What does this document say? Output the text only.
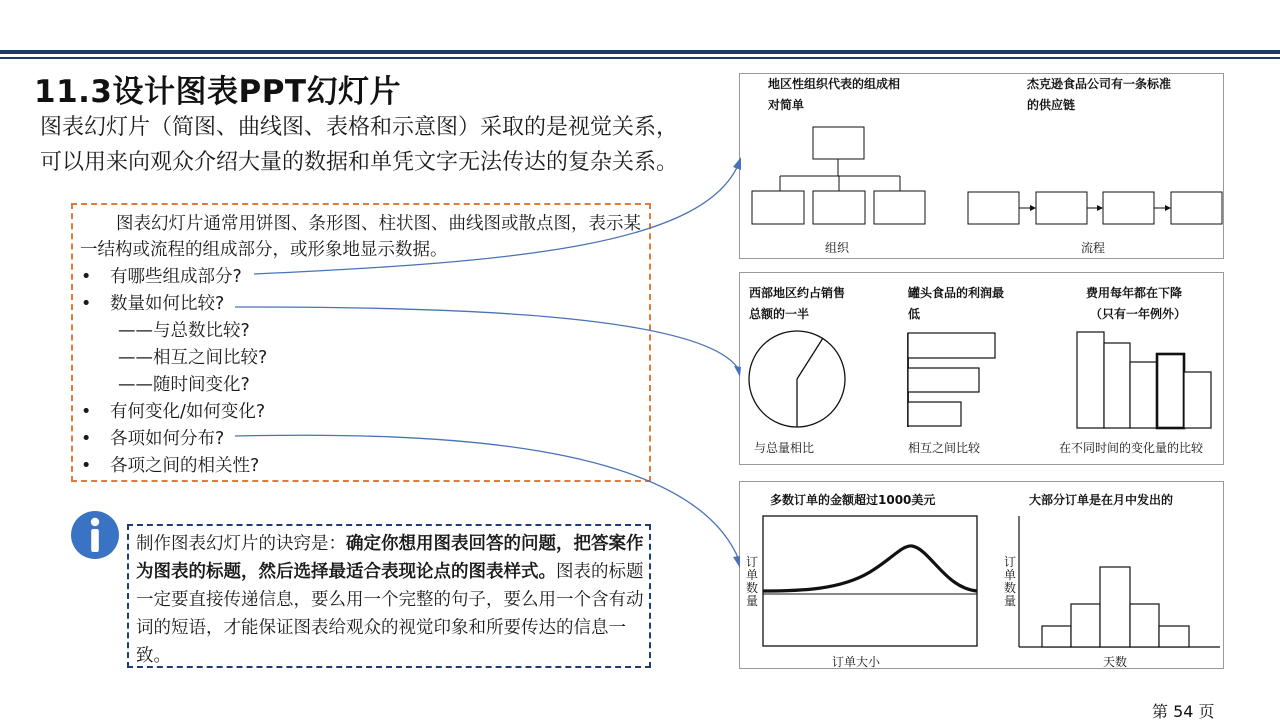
11.3设计图表PPT幻灯片
图表幻灯片（简图、曲线图、表格和示意图）采取的是视觉关系，
可以用来向观众介绍大量的数据和单凭文字无法传达的复杂关系。
图表幻灯片通常用饼图、条形图、柱状图、曲线图或散点图，表示某一结构或流程的组成部分，或形象地显示数据。
• 有哪些组成部分?
• 数量如何比较?
——与总数比较?
——相互之间比较?
——随时间变化?
• 有何变化/如何变化?
• 各项如何分布?
• 各项之间的相关性?
制作图表幻灯片的诀窍是：确定你想用图表回答的问题，把答案作为图表的标题，然后选择最适合表现论点的图表样式。图表的标题一定要直接传递信息，要么用一个完整的句子，要么用一个含有动词的短语，才能保证图表给观众的视觉印象和所要传达的信息一致。
地区性组织代表的组成相
对简单
杰克逊食品公司有一条标准
的供应链
组织	流程
西部地区约占销售
总额的一半
罐头食品的利润最
低
费用每年都在下降
（只有一年例外）
与总量相比	相互之间比较	在不同时间的变化量的比较
多数订单的金额超过1000美元	大部分订单是在月中发出的
订单数量
订单数量
订单大小	天数
第 54 页
